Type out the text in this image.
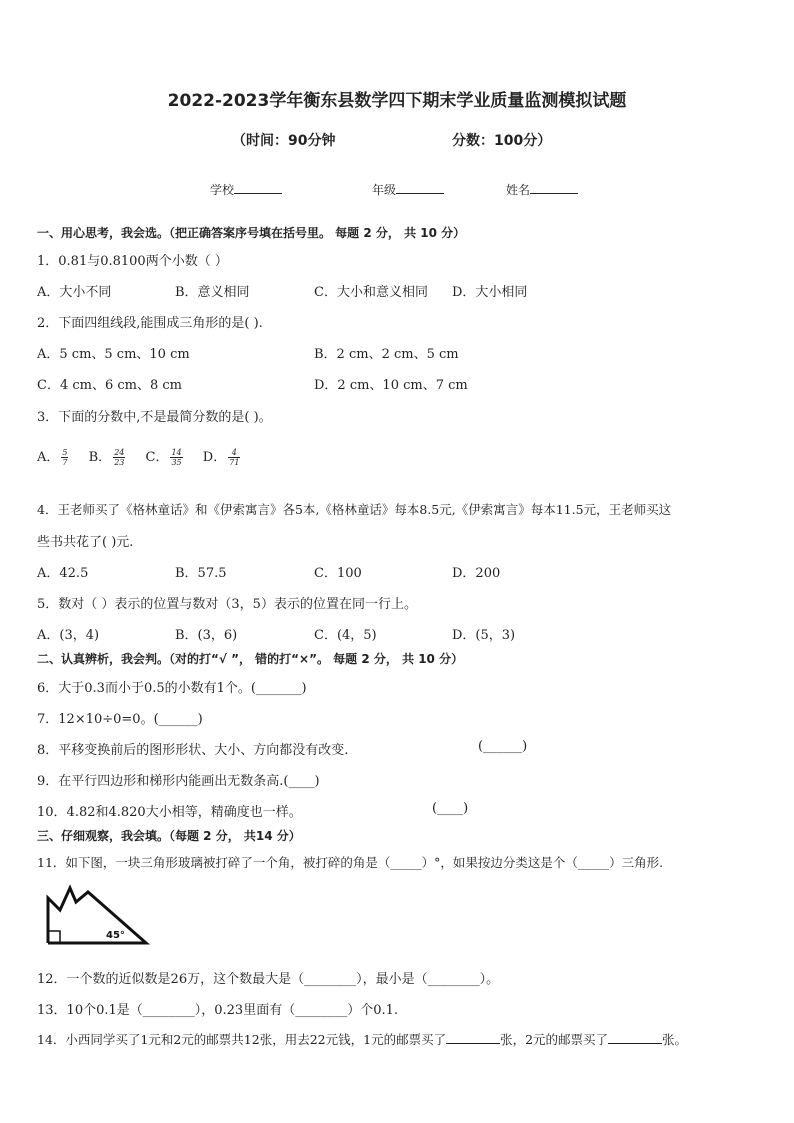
2022-2023学年衡东县数学四下期末学业质量监测模拟试题
（时间：90分钟	分数：100分）
学校	年级	姓名
一、用心思考，我会选。（把正确答案序号填在括号里。 每题 2 分， 共 10 分）
1．0.81与0.8100两个小数（ ）
A．大小不同	B．意义相同	C．大小和意义相同 D．大小相同
2．下面四组线段,能围成三角形的是( ).
A．5 cm、5 cm、10 cm	B．2 cm、2 cm、5 cm
C．4 cm、6 cm、8 cm	D．2 cm、10 cm、7 cm
3．下面的分数中,不是最简分数的是( )。
A． $\frac{5}{7}$ B． $\frac{24}{23}$ C． $\frac{14}{35}$ D． $\frac{4}{71}$
4．王老师买了《格林童话》和《伊索寓言》各5本,《格林童话》每本8.5元,《伊索寓言》每本11.5元，王老师买这
些书共花了( )元.
A．42.5	B．57.5	C．100	D．200
5．数对（ ）表示的位置与数对（3，5）表示的位置在同一行上。
A．(3，4)	B．(3，6)	C．(4，5)	D．(5，3)
二、认真辨析，我会判。（对的打“√ ”， 错的打“×”。 每题 2 分， 共 10 分）
6．大于0.3而小于0.5的小数有1个。(_______)
7．12×10÷0=0。(______)
8．平移变换前后的图形形状、大小、方向都没有改变.	(______)
9．在平行四边形和梯形内能画出无数条高.(____)
10．4.82和4.820大小相等，精确度也一样。	(____)
三、仔细观察，我会填。（每题 2 分， 共14 分）
11．如下图，一块三角形玻璃被打碎了一个角，被打碎的角是（_____）°，如果按边分类这是个（_____）三角形.
45°
12．一个数的近似数是26万，这个数最大是（________），最小是（________）。
13．10个0.1是（________），0.23里面有（________）个0.1.
14．小西同学买了1元和2元的邮票共12张，用去22元钱，1元的邮票买了	张，2元的邮票买了	张。
